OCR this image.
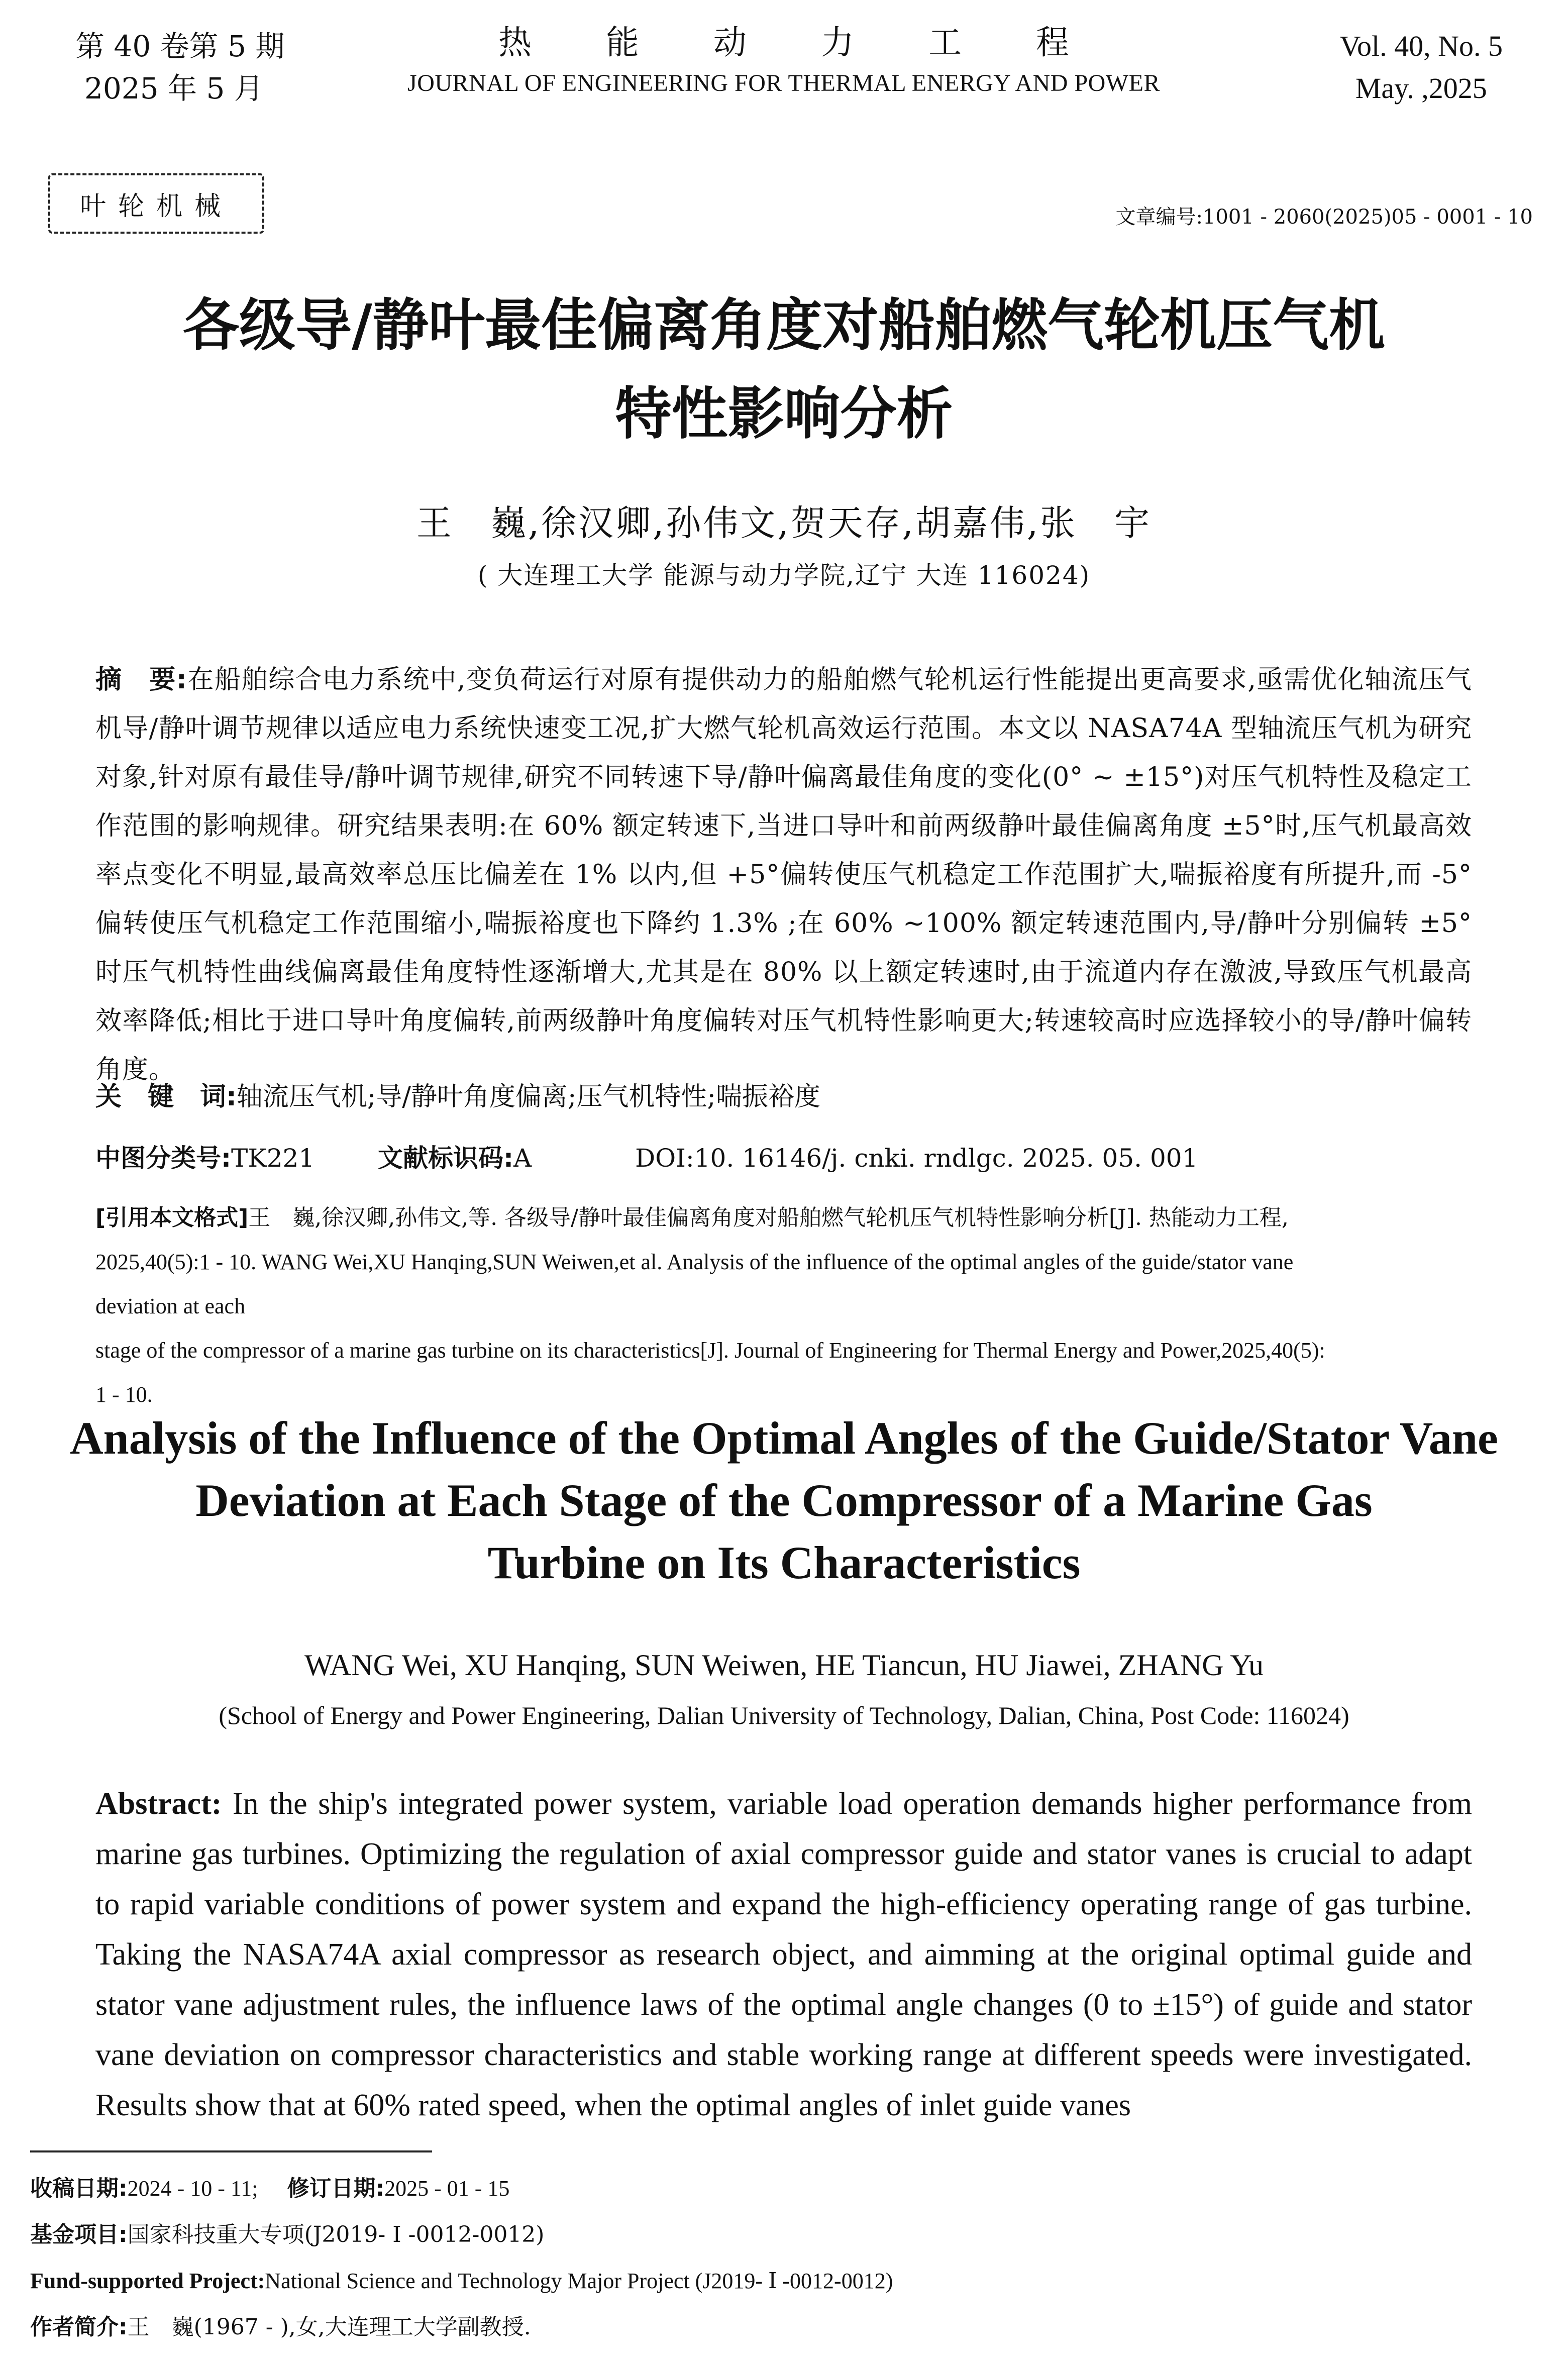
第 40 卷第 5 期
2025 年 5 月
热能动力工程
JOURNAL OF ENGINEERING FOR THERMAL ENERGY AND POWER
Vol. 40, No. 5
May. ,2025
叶轮机械	文章编号:1001 - 2060(2025)05 - 0001 - 10
各级导/静叶最佳偏离角度对船舶燃气轮机压气机
特性影响分析
王　巍,徐汉卿,孙伟文,贺天存,胡嘉伟,张　宇
( 大连理工大学 能源与动力学院,辽宁 大连 116024)
摘　要:在船舶综合电力系统中,变负荷运行对原有提供动力的船舶燃气轮机运行性能提出更高要求,亟需优化轴流压气机导/静叶调节规律以适应电力系统快速变工况,扩大燃气轮机高效运行范围。本文以 NASA74A 型轴流压气机为研究对象,针对原有最佳导/静叶调节规律,研究不同转速下导/静叶偏离最佳角度的变化(0° ~ ±15°)对压气机特性及稳定工作范围的影响规律。研究结果表明:在 60% 额定转速下,当进口导叶和前两级静叶最佳偏离角度 ±5°时,压气机最高效率点变化不明显,最高效率总压比偏差在 1% 以内,但 +5°偏转使压气机稳定工作范围扩大,喘振裕度有所提升,而 -5°偏转使压气机稳定工作范围缩小,喘振裕度也下降约 1.3% ;在 60% ~100% 额定转速范围内,导/静叶分别偏转 ±5°时压气机特性曲线偏离最佳角度特性逐渐增大,尤其是在 80% 以上额定转速时,由于流道内存在激波,导致压气机最高效率降低;相比于进口导叶角度偏转,前两级静叶角度偏转对压气机特性影响更大;转速较高时应选择较小的导/静叶偏转角度。
关　键　词:轴流压气机;导/静叶角度偏离;压气机特性;喘振裕度
中图分类号:TK221	文献标识码:A	DOI:10. 16146/j. cnki. rndlgc. 2025. 05. 001

[引用本文格式]王　巍,徐汉卿,孙伟文,等. 各级导/静叶最佳偏离角度对船舶燃气轮机压气机特性影响分析[J]. 热能动力工程,

2025,40(5):1 - 10. WANG Wei,XU Hanqing,SUN Weiwen,et al. Analysis of the influence of the optimal angles of the guide/stator vane

deviation at each

stage of the compressor of a marine gas turbine on its characteristics[J]. Journal of Engineering for Thermal Energy and Power,2025,40(5):

1 - 10.

Analysis of the Influence of the Optimal Angles of the Guide/Stator Vane
Deviation at Each Stage of the Compressor of a Marine Gas
Turbine on Its Characteristics
WANG Wei, XU Hanqing, SUN Weiwen, HE Tiancun, HU Jiawei, ZHANG Yu
(School of Energy and Power Engineering, Dalian University of Technology, Dalian, China, Post Code: 116024)
Abstract: In the ship's integrated power system, variable load operation demands higher performance from marine gas turbines. Optimizing the regulation of axial compressor guide and stator vanes is crucial to adapt to rapid variable conditions of power system and expand the high-efficiency operating range of gas turbine. Taking the NASA74A axial compressor as research object, and aimming at the original optimal guide and stator vane adjustment rules, the influence laws of the optimal angle changes (0 to ±15°) of guide and stator vane deviation on compressor characteristics and stable working range at different speeds were investigated. Results show that at 60% rated speed, when the optimal angles of inlet guide vanes
收稿日期:2024 - 10 - 11; 修订日期:2025 - 01 - 15
基金项目:国家科技重大专项(J2019- Ⅰ -0012-0012)
Fund-supported Project:National Science and Technology Major Project (J2019- Ⅰ -0012-0012)
作者简介:王　巍(1967 - ),女,大连理工大学副教授.
